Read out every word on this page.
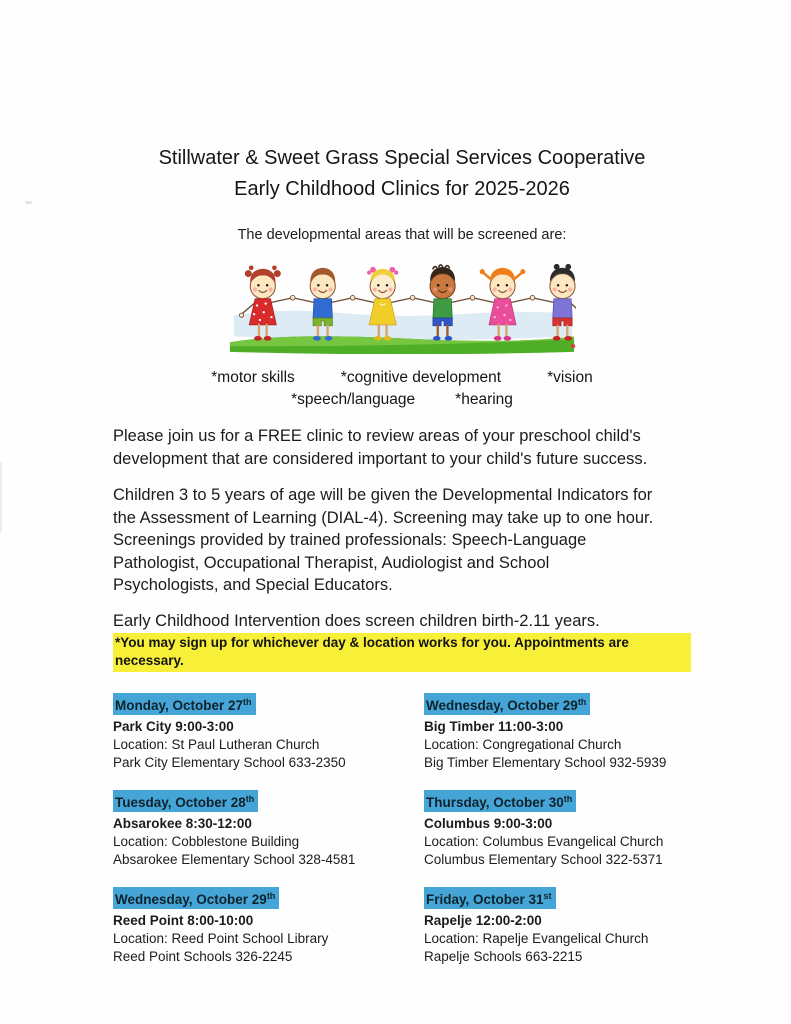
Stillwater & Sweet Grass Special Services Cooperative
Early Childhood Clinics for 2025-2026
The developmental areas that will be screened are:
*motor skills	*cognitive development	*vision
*speech/language	*hearing
Please join us for a FREE clinic to review areas of your preschool child's
development that are considered important to your child's future success.
Children 3 to 5 years of age will be given the Developmental Indicators for
the Assessment of Learning (DIAL-4). Screening may take up to one hour.
Screenings provided by trained professionals: Speech-Language
Pathologist, Occupational Therapist, Audiologist and School
Psychologists, and Special Educators.
Early Childhood Intervention does screen children birth-2.11 years.
*You may sign up for whichever day & location works for you. Appointments are necessary.
Monday, October 27th
Park City 9:00-3:00
Location: St Paul Lutheran Church
Park City Elementary School 633-2350
Tuesday, October 28th
Absarokee 8:30-12:00
Location: Cobblestone Building
Absarokee Elementary School 328-4581
Wednesday, October 29th
Reed Point 8:00-10:00
Location: Reed Point School Library
Reed Point Schools 326-2245
Wednesday, October 29th
Big Timber 11:00-3:00
Location: Congregational Church
Big Timber Elementary School 932-5939
Thursday, October 30th
Columbus 9:00-3:00
Location: Columbus Evangelical Church
Columbus Elementary School 322-5371
Friday, October 31st
Rapelje 12:00-2:00
Location: Rapelje Evangelical Church
Rapelje Schools 663-2215
